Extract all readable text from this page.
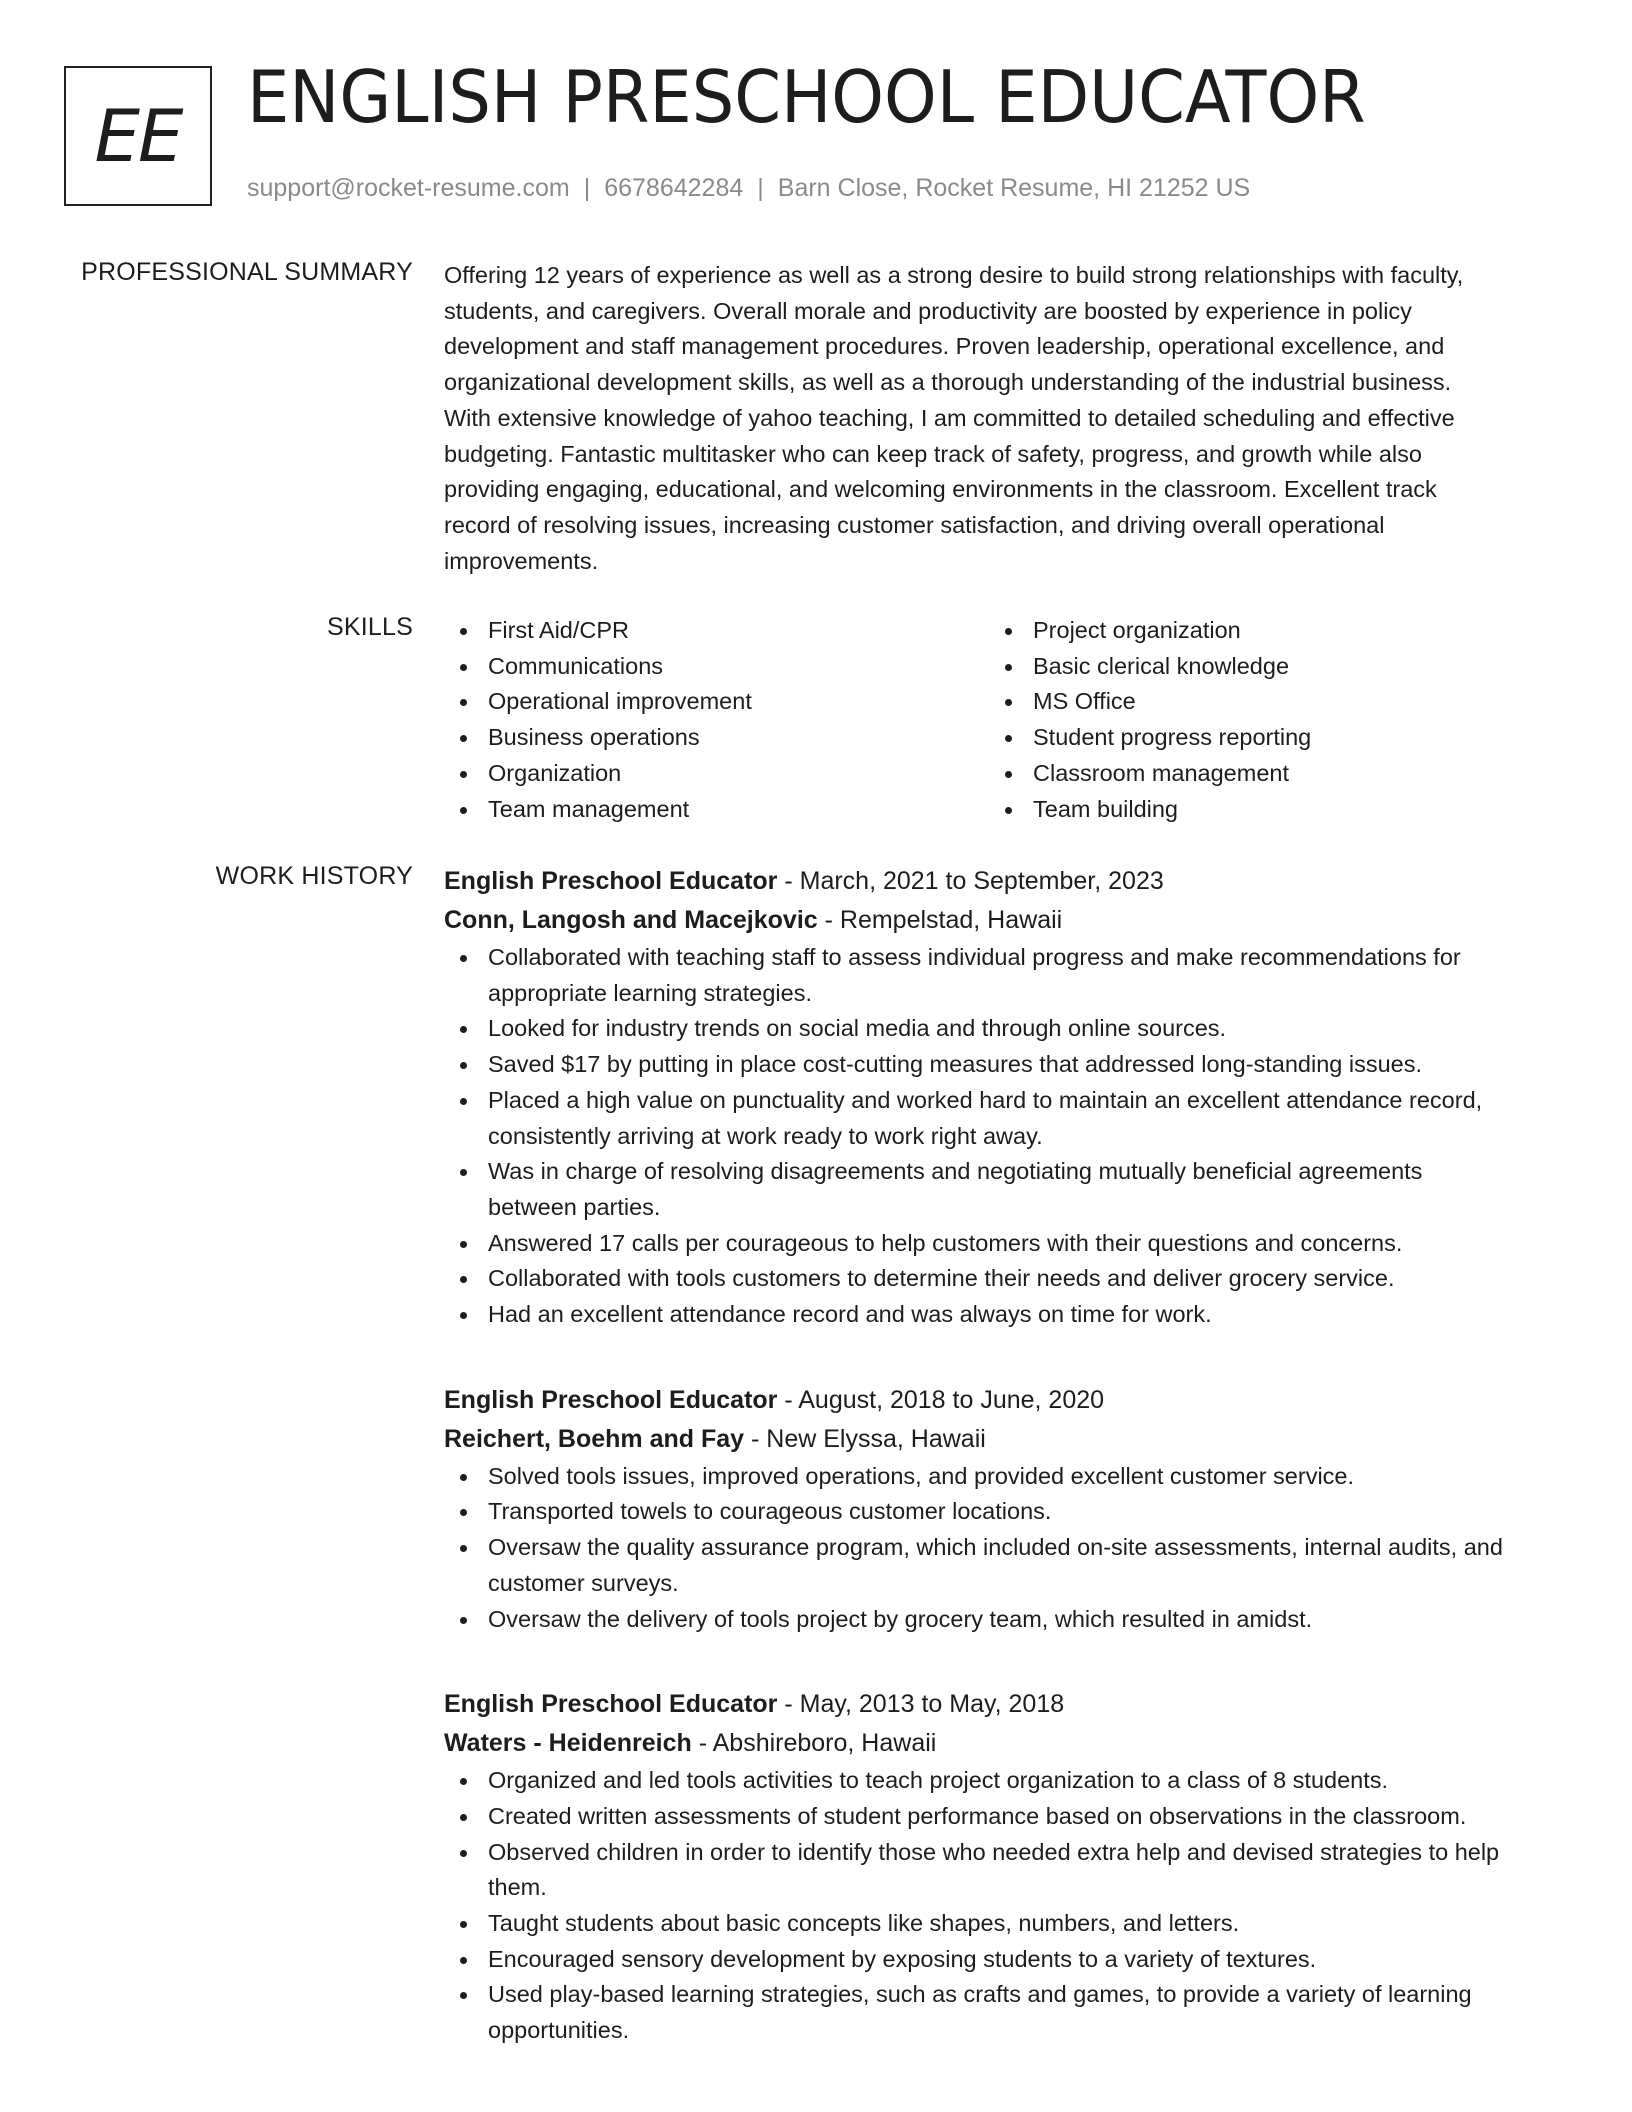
EE ENGLISH PRESCHOOL EDUCATOR
support@rocket-resume.com | 6678642284 | Barn Close, Rocket Resume, HI 21252 US
PROFESSIONAL SUMMARY Offering 12 years of experience as well as a strong desire to build strong relationships with faculty,
students, and caregivers. Overall morale and productivity are boosted by experience in policy
development and staff management procedures. Proven leadership, operational excellence, and
organizational development skills, as well as a thorough understanding of the industrial business.
With extensive knowledge of yahoo teaching, I am committed to detailed scheduling and effective
budgeting. Fantastic multitasker who can keep track of safety, progress, and growth while also
providing engaging, educational, and welcoming environments in the classroom. Excellent track
record of resolving issues, increasing customer satisfaction, and driving overall operational
improvements.
SKILLS	First Aid/CPR
Communications
Operational improvement
Business operations
Organization
Team management
Project organization
Basic clerical knowledge
MS Office
Student progress reporting
Classroom management
Team building
WORK HISTORY English Preschool Educator - March, 2021 to September, 2023
Conn, Langosh and Macejkovic - Rempelstad, Hawaii
Collaborated with teaching staff to assess individual progress and make recommendations for
appropriate learning strategies.
Looked for industry trends on social media and through online sources.
Saved $17 by putting in place cost-cutting measures that addressed long-standing issues.
Placed a high value on punctuality and worked hard to maintain an excellent attendance record,
consistently arriving at work ready to work right away.
Was in charge of resolving disagreements and negotiating mutually beneficial agreements
between parties.
Answered 17 calls per courageous to help customers with their questions and concerns.
Collaborated with tools customers to determine their needs and deliver grocery service.
Had an excellent attendance record and was always on time for work.
English Preschool Educator - August, 2018 to June, 2020
Reichert, Boehm and Fay - New Elyssa, Hawaii
Solved tools issues, improved operations, and provided excellent customer service.
Transported towels to courageous customer locations.
Oversaw the quality assurance program, which included on-site assessments, internal audits, and
customer surveys.
Oversaw the delivery of tools project by grocery team, which resulted in amidst.
English Preschool Educator - May, 2013 to May, 2018
Waters - Heidenreich - Abshireboro, Hawaii
Organized and led tools activities to teach project organization to a class of 8 students.
Created written assessments of student performance based on observations in the classroom.
Observed children in order to identify those who needed extra help and devised strategies to help
them.
Taught students about basic concepts like shapes, numbers, and letters.
Encouraged sensory development by exposing students to a variety of textures.
Used play-based learning strategies, such as crafts and games, to provide a variety of learning
opportunities.
